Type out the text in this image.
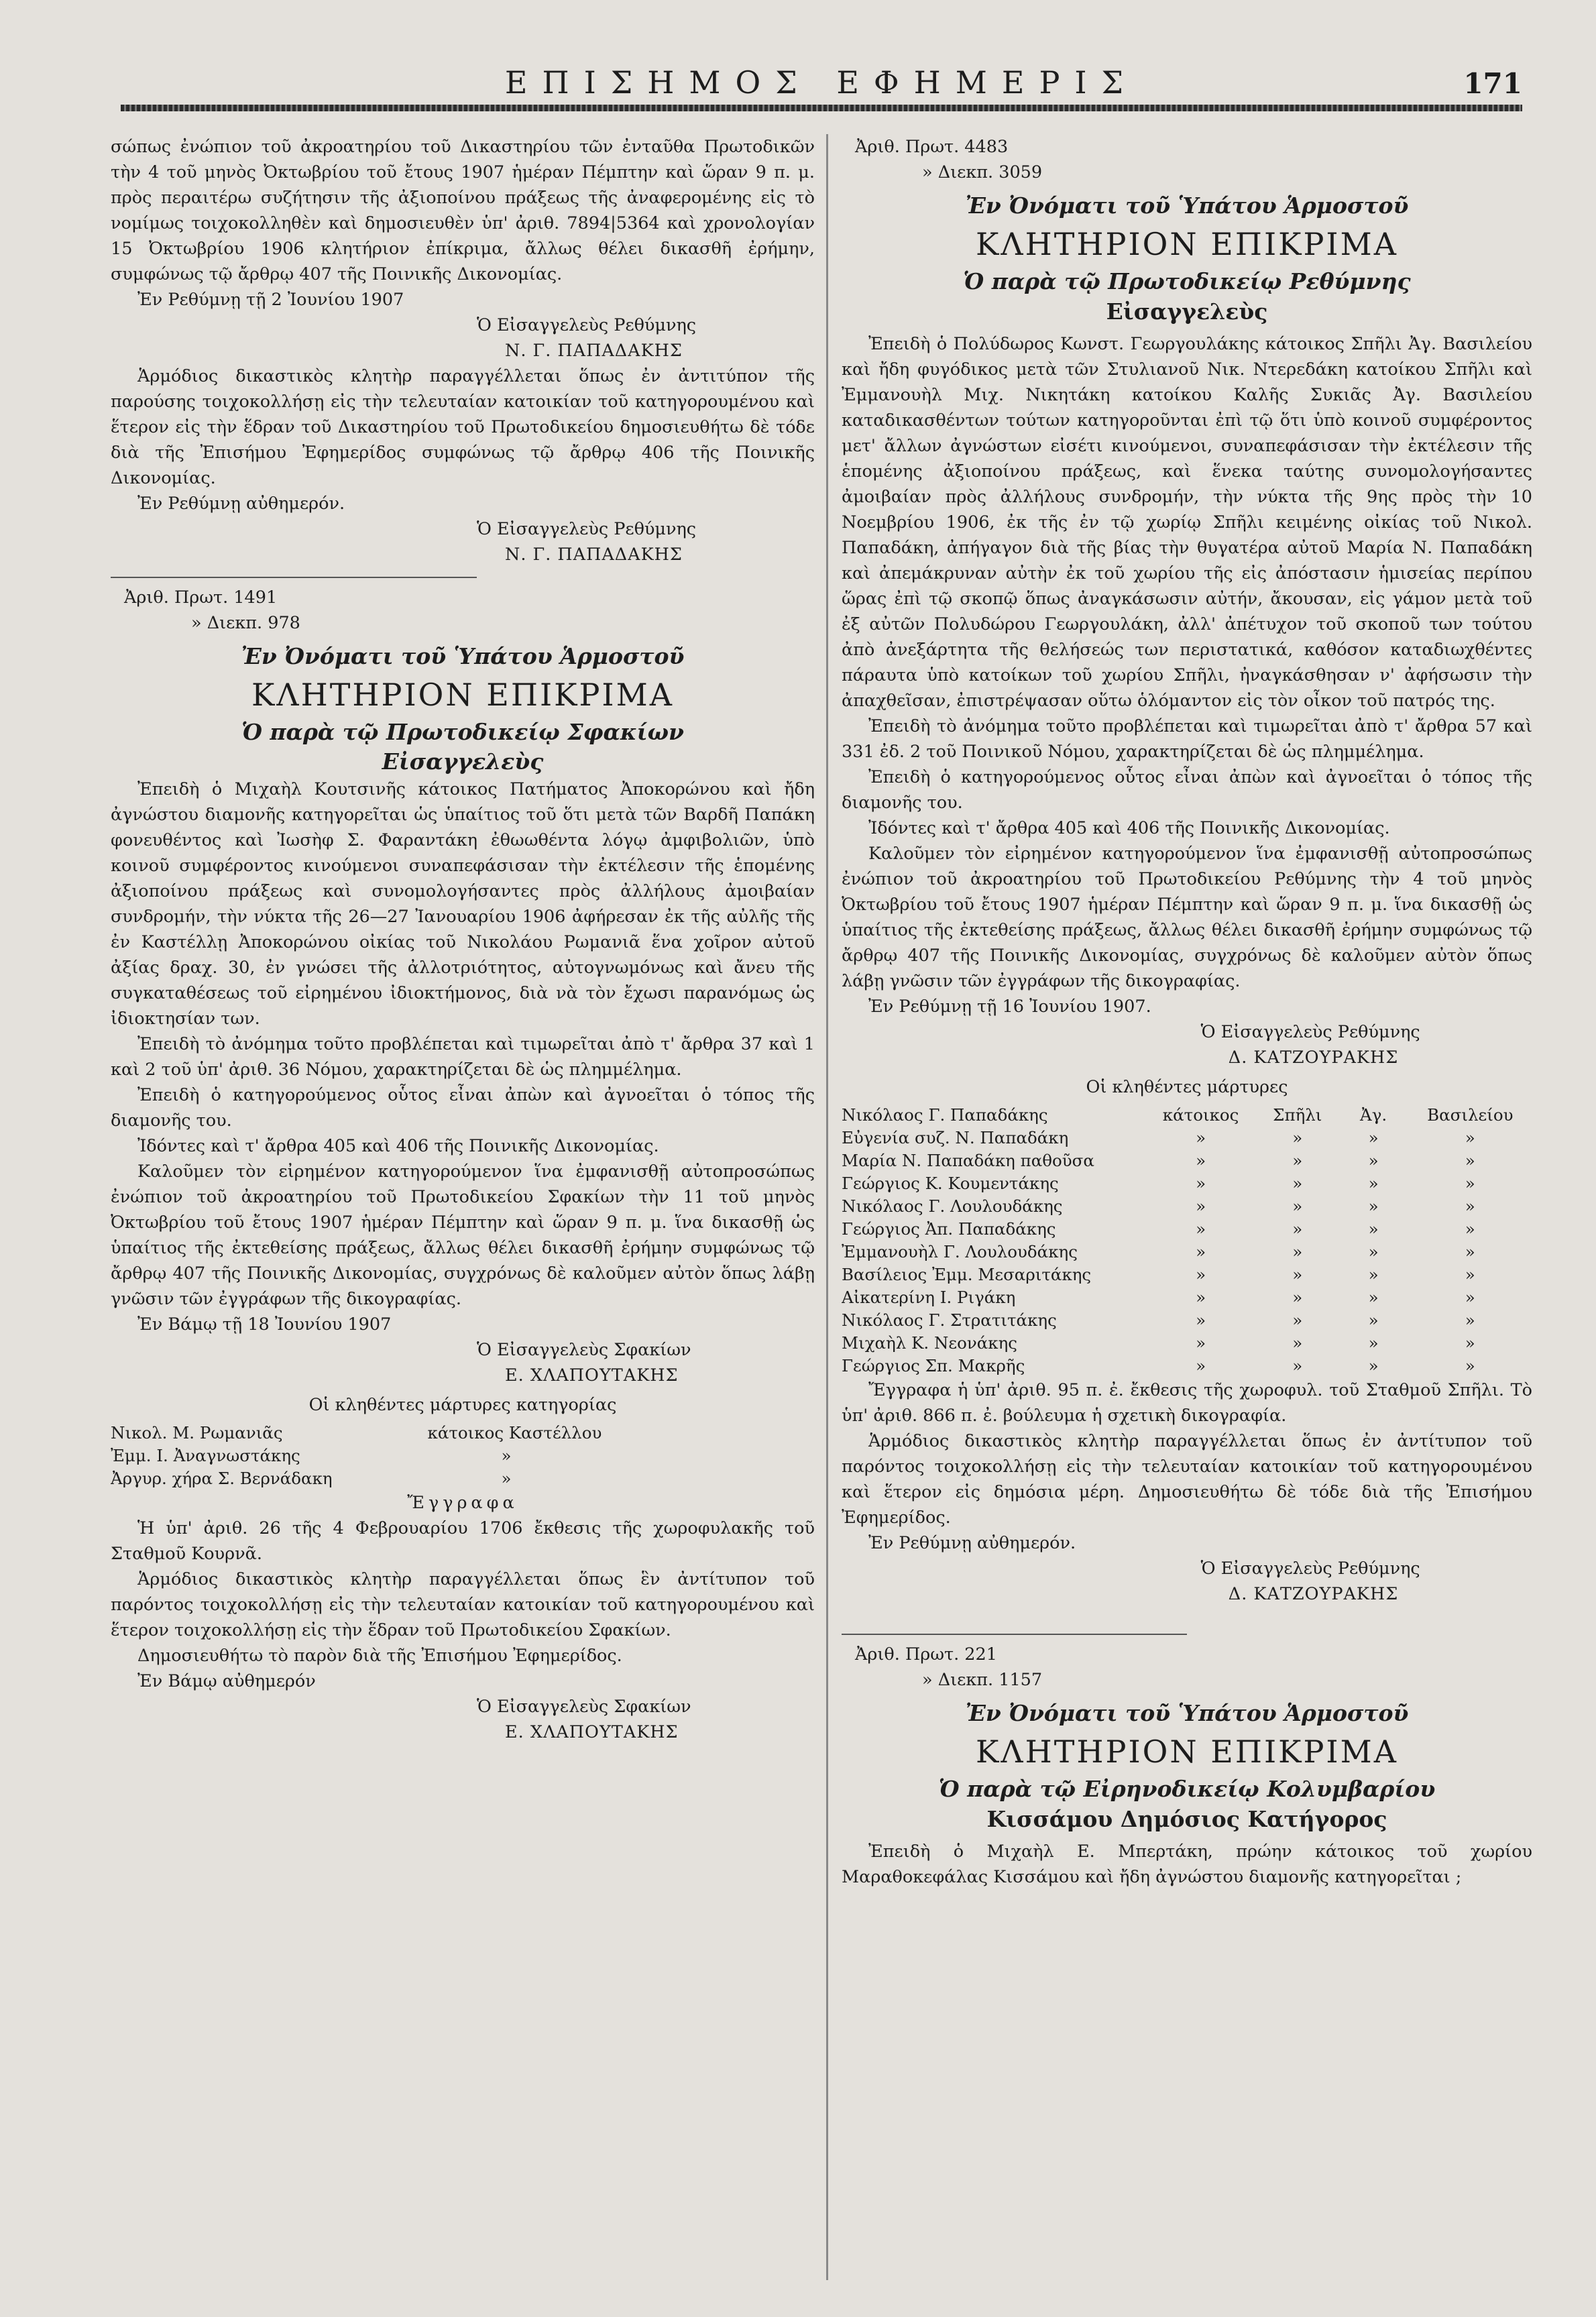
ΕΠΙΣΗΜΟΣ ΕΦΗΜΕΡΙΣ	171

σώπως ἐνώπιον τοῦ ἀκροατηρίου τοῦ Δικαστηρίου τῶν ἐνταῦθα Πρωτοδικῶν τὴν 4 τοῦ μηνὸς Ὀκτωβρίου τοῦ ἔτους 1907 ἡμέραν Πέμπτην καὶ ὥραν 9 π. μ. πρὸς περαιτέρω συζήτησιν τῆς ἀξιοποίνου πράξεως τῆς ἀναφερομένης εἰς τὸ νομίμως τοιχοκολληθὲν καὶ δημοσιευθὲν ὑπ' ἀριθ. 7894|5364 καὶ χρονολογίαν 15 Ὀκτωβρίου 1906 κλητήριον ἐπίκριμα, ἄλλως θέλει δικασθῆ ἐρήμην, συμφώνως τῷ ἄρθρῳ 407 τῆς Ποινικῆς Δικονομίας.

Ἐν Ρεθύμνῃ τῇ 2 Ἰουνίου 1907

Ὁ Εἰσαγγελεὺς Ρεθύμνης

Ν. Γ. ΠΑΠΑΔΑΚΗΣ

Ἁρμόδιος δικαστικὸς κλητὴρ παραγγέλλεται ὅπως ἐν ἀντιτύπον τῆς παρούσης τοιχοκολλήσῃ εἰς τὴν τελευταίαν κατοικίαν τοῦ κατηγορουμένου καὶ ἕτερον εἰς τὴν ἕδραν τοῦ Δικαστηρίου τοῦ Πρωτοδικείου δημοσιευθήτω δὲ τόδε διὰ τῆς Ἐπισήμου Ἐφημερίδος συμφώνως τῷ ἄρθρῳ 406 τῆς Ποινικῆς Δικονομίας.

Ἐν Ρεθύμνῃ αὐθημερόν.

Ὁ Εἰσαγγελεὺς Ρεθύμνης

Ν. Γ. ΠΑΠΑΔΑΚΗΣ

Ἀριθ. Πρωτ. 1491

» Διεκπ. 978

Ἐν Ὀνόματι τοῦ Ὑπάτου Ἁρμοστοῦ

ΚΛΗΤΗΡΙΟΝ ΕΠΙΚΡΙΜΑ

Ὁ παρὰ τῷ Πρωτοδικείῳ Σφακίων

Εἰσαγγελεὺς

Ἐπειδὴ ὁ Μιχαὴλ Κουτσινῆς κάτοικος Πατήματος Ἀποκορώνου καὶ ἤδη ἀγνώστου διαμονῆς κατηγορεῖται ὡς ὑπαίτιος τοῦ ὅτι μετὰ τῶν Βαρδῆ Παπάκη φονευθέντος καὶ Ἰωσὴφ Σ. Φαραντάκη ἐθωωθέντα λόγῳ ἀμφιβολιῶν, ὑπὸ κοινοῦ συμφέροντος κινούμενοι συναπεφάσισαν τὴν ἐκτέλεσιν τῆς ἑπομένης ἀξιοποίνου πράξεως καὶ συνομολογήσαντες πρὸς ἀλλήλους ἀμοιβαίαν συνδρομήν, τὴν νύκτα τῆς 26—27 Ἰανουαρίου 1906 ἀφήρεσαν ἐκ τῆς αὐλῆς τῆς ἐν Καστέλλῃ Ἀποκορώνου οἰκίας τοῦ Νικολάου Ρωμανιᾶ ἕνα χοῖρον αὐτοῦ ἀξίας δραχ. 30, ἐν γνώσει τῆς ἀλλοτριότητος, αὐτογνωμόνως καὶ ἄνευ τῆς συγκαταθέσεως τοῦ εἰρημένου ἰδιοκτήμονος, διὰ νὰ τὸν ἔχωσι παρανόμως ὡς ἰδιοκτησίαν των.

Ἐπειδὴ τὸ ἀνόμημα τοῦτο προβλέπεται καὶ τιμωρεῖται ἀπὸ τ' ἄρθρα 37 καὶ 1 καὶ 2 τοῦ ὑπ' ἀριθ. 36 Νόμου, χαρακτηρίζεται δὲ ὡς πλημμέλημα.

Ἐπειδὴ ὁ κατηγορούμενος οὗτος εἶναι ἀπὼν καὶ ἀγνοεῖται ὁ τόπος τῆς διαμονῆς του.

Ἰδόντες καὶ τ' ἄρθρα 405 καὶ 406 τῆς Ποινικῆς Δικονομίας.

Καλοῦμεν τὸν εἰρημένον κατηγορούμενον ἵνα ἐμφανισθῇ αὐτοπροσώπως ἐνώπιον τοῦ ἀκροατηρίου τοῦ Πρωτοδικείου Σφακίων τὴν 11 τοῦ μηνὸς Ὀκτωβρίου τοῦ ἔτους 1907 ἡμέραν Πέμπτην καὶ ὥραν 9 π. μ. ἵνα δικασθῇ ὡς ὑπαίτιος τῆς ἐκτεθείσης πράξεως, ἄλλως θέλει δικασθῆ ἐρήμην συμφώνως τῷ ἄρθρῳ 407 τῆς Ποινικῆς Δικονομίας, συγχρόνως δὲ καλοῦμεν αὐτὸν ὅπως λάβῃ γνῶσιν τῶν ἐγγράφων τῆς δικογραφίας.

Ἐν Βάμῳ τῇ 18 Ἰουνίου 1907

Ὁ Εἰσαγγελεὺς Σφακίων

Ε. ΧΛΑΠΟΥΤΑΚΗΣ

Οἱ κληθέντες μάρτυρες κατηγορίας

Νικολ. Μ. Ρωμανιᾶς	κάτοικος Καστέλλου
Ἐμμ. Ι. Ἀναγνωστάκης	»
Ἀργυρ. χήρα Σ. Βερνάδακη	»

Ἔγγραφα

Ἡ ὑπ' ἀριθ. 26 τῆς 4 Φεβρουαρίου 1706 ἔκθεσις τῆς χωροφυλακῆς τοῦ Σταθμοῦ Κουρνᾶ.

Ἁρμόδιος δικαστικὸς κλητὴρ παραγγέλλεται ὅπως ἓν ἀντίτυπον τοῦ παρόντος τοιχοκολλήσῃ εἰς τὴν τελευταίαν κατοικίαν τοῦ κατηγορουμένου καὶ ἕτερον τοιχοκολλήσῃ εἰς τὴν ἕδραν τοῦ Πρωτοδικείου Σφακίων.

Δημοσιευθήτω τὸ παρὸν διὰ τῆς Ἐπισήμου Ἐφημερίδος.

Ἐν Βάμῳ αὐθημερόν

Ὁ Εἰσαγγελεὺς Σφακίων

Ε. ΧΛΑΠΟΥΤΑΚΗΣ

Ἀριθ. Πρωτ. 4483

» Διεκπ. 3059

Ἐν Ὀνόματι τοῦ Ὑπάτου Ἁρμοστοῦ

ΚΛΗΤΗΡΙΟΝ ΕΠΙΚΡΙΜΑ

Ὁ παρὰ τῷ Πρωτοδικείῳ Ρεθύμνης

Εἰσαγγελεὺς

Ἐπειδὴ ὁ Πολύδωρος Κωνστ. Γεωργουλάκης κάτοικος Σπῆλι Ἀγ. Βασιλείου καὶ ἤδη φυγόδικος μετὰ τῶν Στυλιανοῦ Νικ. Ντερεδάκη κατοίκου Σπῆλι καὶ Ἐμμανουὴλ Μιχ. Νικητάκη κατοίκου Καλῆς Συκιᾶς Ἀγ. Βασιλείου καταδικασθέντων τούτων κατηγοροῦνται ἐπὶ τῷ ὅτι ὑπὸ κοινοῦ συμφέροντος μετ' ἄλλων ἀγνώστων εἰσέτι κινούμενοι, συναπεφάσισαν τὴν ἐκτέλεσιν τῆς ἑπομένης ἀξιοποίνου πράξεως, καὶ ἕνεκα ταύτης συνομολογήσαντες ἀμοιβαίαν πρὸς ἀλλήλους συνδρομήν, τὴν νύκτα τῆς 9ης πρὸς τὴν 10 Νοεμβρίου 1906, ἐκ τῆς ἐν τῷ χωρίῳ Σπῆλι κειμένης οἰκίας τοῦ Νικολ. Παπαδάκη, ἀπήγαγον διὰ τῆς βίας τὴν θυγατέρα αὐτοῦ Μαρία Ν. Παπαδάκη καὶ ἀπεμάκρυναν αὐτὴν ἐκ τοῦ χωρίου τῆς εἰς ἀπόστασιν ἡμισείας περίπου ὥρας ἐπὶ τῷ σκοπῷ ὅπως ἀναγκάσωσιν αὐτήν, ἄκουσαν, εἰς γάμον μετὰ τοῦ ἐξ αὐτῶν Πολυδώρου Γεωργουλάκη, ἀλλ' ἀπέτυχον τοῦ σκοποῦ των τούτου ἀπὸ ἀνεξάρτητα τῆς θελήσεώς των περιστατικά, καθόσον καταδιωχθέντες πάραυτα ὑπὸ κατοίκων τοῦ χωρίου Σπῆλι, ἠναγκάσθησαν ν' ἀφήσωσιν τὴν ἀπαχθεῖσαν, ἐπιστρέψασαν οὕτω ὁλόμαντον εἰς τὸν οἶκον τοῦ πατρός της.

Ἐπειδὴ τὸ ἀνόμημα τοῦτο προβλέπεται καὶ τιμωρεῖται ἀπὸ τ' ἄρθρα 57 καὶ 331 ἐδ. 2 τοῦ Ποινικοῦ Νόμου, χαρακτηρίζεται δὲ ὡς πλημμέλημα.

Ἐπειδὴ ὁ κατηγορούμενος οὗτος εἶναι ἀπὼν καὶ ἀγνοεῖται ὁ τόπος τῆς διαμονῆς του.

Ἰδόντες καὶ τ' ἄρθρα 405 καὶ 406 τῆς Ποινικῆς Δικονομίας.

Καλοῦμεν τὸν εἰρημένον κατηγορούμενον ἵνα ἐμφανισθῇ αὐτοπροσώπως ἐνώπιον τοῦ ἀκροατηρίου τοῦ Πρωτοδικείου Ρεθύμνης τὴν 4 τοῦ μηνὸς Ὀκτωβρίου τοῦ ἔτους 1907 ἡμέραν Πέμπτην καὶ ὥραν 9 π. μ. ἵνα δικασθῇ ὡς ὑπαίτιος τῆς ἐκτεθείσης πράξεως, ἄλλως θέλει δικασθῆ ἐρήμην συμφώνως τῷ ἄρθρῳ 407 τῆς Ποινικῆς Δικονομίας, συγχρόνως δὲ καλοῦμεν αὐτὸν ὅπως λάβῃ γνῶσιν τῶν ἐγγράφων τῆς δικογραφίας.

Ἐν Ρεθύμνῃ τῇ 16 Ἰουνίου 1907.

Ὁ Εἰσαγγελεὺς Ρεθύμνης

Δ. ΚΑΤΖΟΥΡΑΚΗΣ

Οἱ κληθέντες μάρτυρες

Νικόλαος Γ. Παπαδάκης	κάτοικος	Σπῆλι	Ἀγ.	Βασιλείου
Εὐγενία συζ. Ν. Παπαδάκη	»	»	»	»
Μαρία Ν. Παπαδάκη παθοῦσα	»	»	»	»
Γεώργιος Κ. Κουμεντάκης	»	»	»	»
Νικόλαος Γ. Λουλουδάκης	»	»	»	»
Γεώργιος Ἀπ. Παπαδάκης	»	»	»	»
Ἐμμανουὴλ Γ. Λουλουδάκης	»	»	»	»
Βασίλειος Ἐμμ. Μεσαριτάκης	»	»	»	»
Αἰκατερίνη Ι. Ριγάκη	»	»	»	»
Νικόλαος Γ. Στρατιτάκης	»	»	»	»
Μιχαὴλ Κ. Νεονάκης	»	»	»	»
Γεώργιος Σπ. Μακρῆς	»	»	»	»

Ἔγγραφα ἡ ὑπ' ἀριθ. 95 π. ἐ. ἔκθεσις τῆς χωροφυλ. τοῦ Σταθμοῦ Σπῆλι. Τὸ ὑπ' ἀριθ. 866 π. ἐ. βούλευμα ἡ σχετικὴ δικογραφία.

Ἁρμόδιος δικαστικὸς κλητὴρ παραγγέλλεται ὅπως ἐν ἀντίτυπον τοῦ παρόντος τοιχοκολλήσῃ εἰς τὴν τελευταίαν κατοικίαν τοῦ κατηγορουμένου καὶ ἕτερον εἰς δημόσια μέρη. Δημοσιευθήτω δὲ τόδε διὰ τῆς Ἐπισήμου Ἐφημερίδος.

Ἐν Ρεθύμνῃ αὐθημερόν.

Ὁ Εἰσαγγελεὺς Ρεθύμνης

Δ. ΚΑΤΖΟΥΡΑΚΗΣ

Ἀριθ. Πρωτ. 221

» Διεκπ. 1157

Ἐν Ὀνόματι τοῦ Ὑπάτου Ἁρμοστοῦ

ΚΛΗΤΗΡΙΟΝ ΕΠΙΚΡΙΜΑ

Ὁ παρὰ τῷ Εἰρηνοδικείῳ Κολυμβαρίου

Κισσάμου Δημόσιος Κατήγορος

Ἐπειδὴ ὁ Μιχαὴλ Ε. Μπερτάκη, πρώην κάτοικος τοῦ χωρίου Μαραθοκεφάλας Κισσάμου καὶ ἤδη ἀγνώστου διαμονῆς κατηγορεῖται ;
